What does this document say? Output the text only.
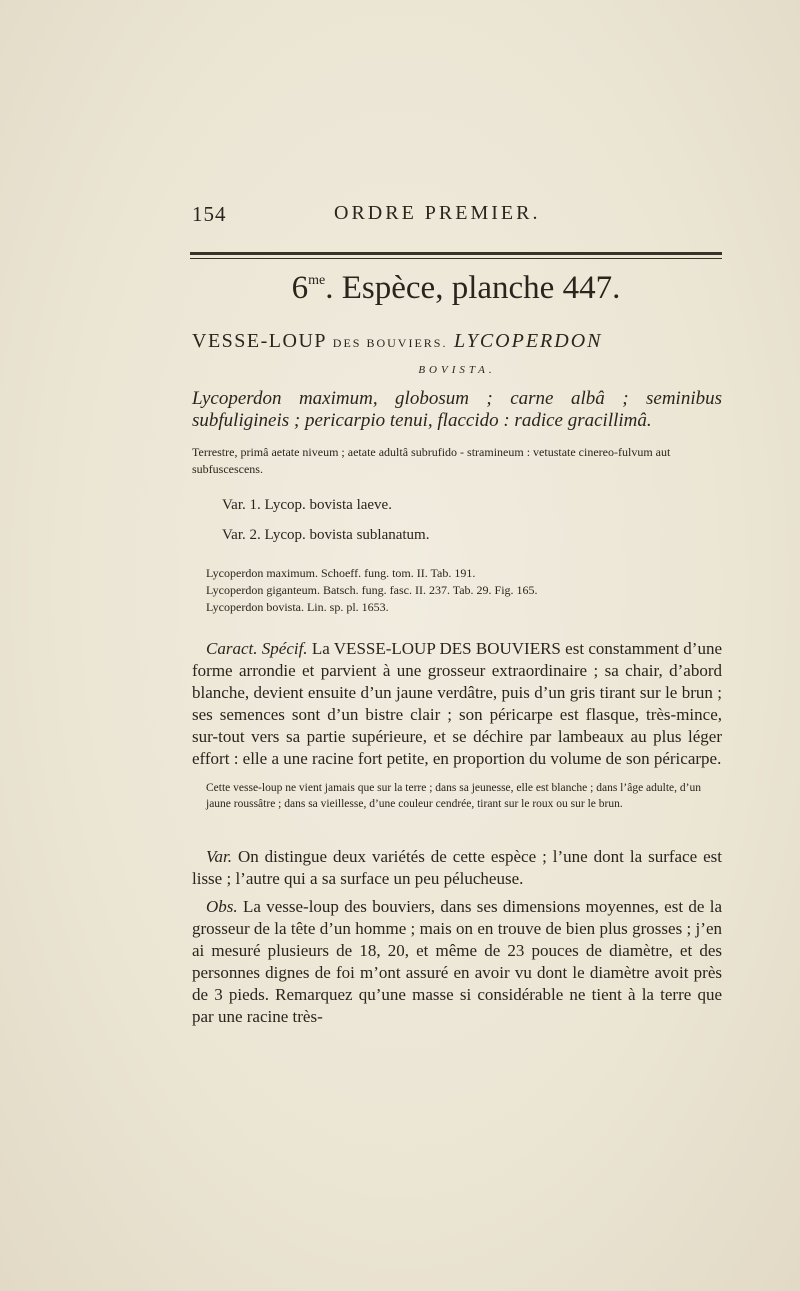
154	ORDRE PREMIER.
$6^{me}$. Espèce, planche 447.
VESSE-LOUP DES BOUVIERS. LYCOPERDON
BOVISTA.
Lycoperdon maximum, globosum ; carne albâ ; seminibus subfuligineis ; pericarpio tenui, flaccido : radice gracillimâ.
Terrestre, primâ aetate niveum ; aetate adultâ subrufido - stramineum : vetustate cinereo-fulvum aut subfuscescens.
Var. 1. Lycop. bovista laeve.
Var. 2. Lycop. bovista sublanatum.
Lycoperdon maximum. Schoeff. fung. tom. II. Tab. 191.
Lycoperdon giganteum. Batsch. fung. fasc. II. 237. Tab. 29. Fig. 165.
Lycoperdon bovista. Lin. sp. pl. 1653.
Caract. Spécif. La VESSE-LOUP DES BOUVIERS est constamment d’une forme arrondie et parvient à une grosseur extraordinaire ; sa chair, d’abord blanche, devient ensuite d’un jaune verdâtre, puis d’un gris tirant sur le brun ; ses semences sont d’un bistre clair ; son péricarpe est flasque, très-mince, sur-tout vers sa partie supérieure, et se déchire par lambeaux au plus léger effort : elle a une racine fort petite, en proportion du volume de son péricarpe.
Cette vesse-loup ne vient jamais que sur la terre ; dans sa jeunesse, elle est blanche ; dans l’âge adulte, d’un jaune roussâtre ; dans sa vieillesse, d’une couleur cendrée, tirant sur le roux ou sur le brun.
Var. On distingue deux variétés de cette espèce ; l’une dont la surface est lisse ; l’autre qui a sa surface un peu pélucheuse.
Obs. La vesse-loup des bouviers, dans ses dimensions moyennes, est de la grosseur de la tête d’un homme ; mais on en trouve de bien plus grosses ; j’en ai mesuré plusieurs de 18, 20, et même de 23 pouces de diamètre, et des personnes dignes de foi m’ont assuré en avoir vu dont le diamètre avoit près de 3 pieds. Remarquez qu’une masse si considérable ne tient à la terre que par une racine très-
